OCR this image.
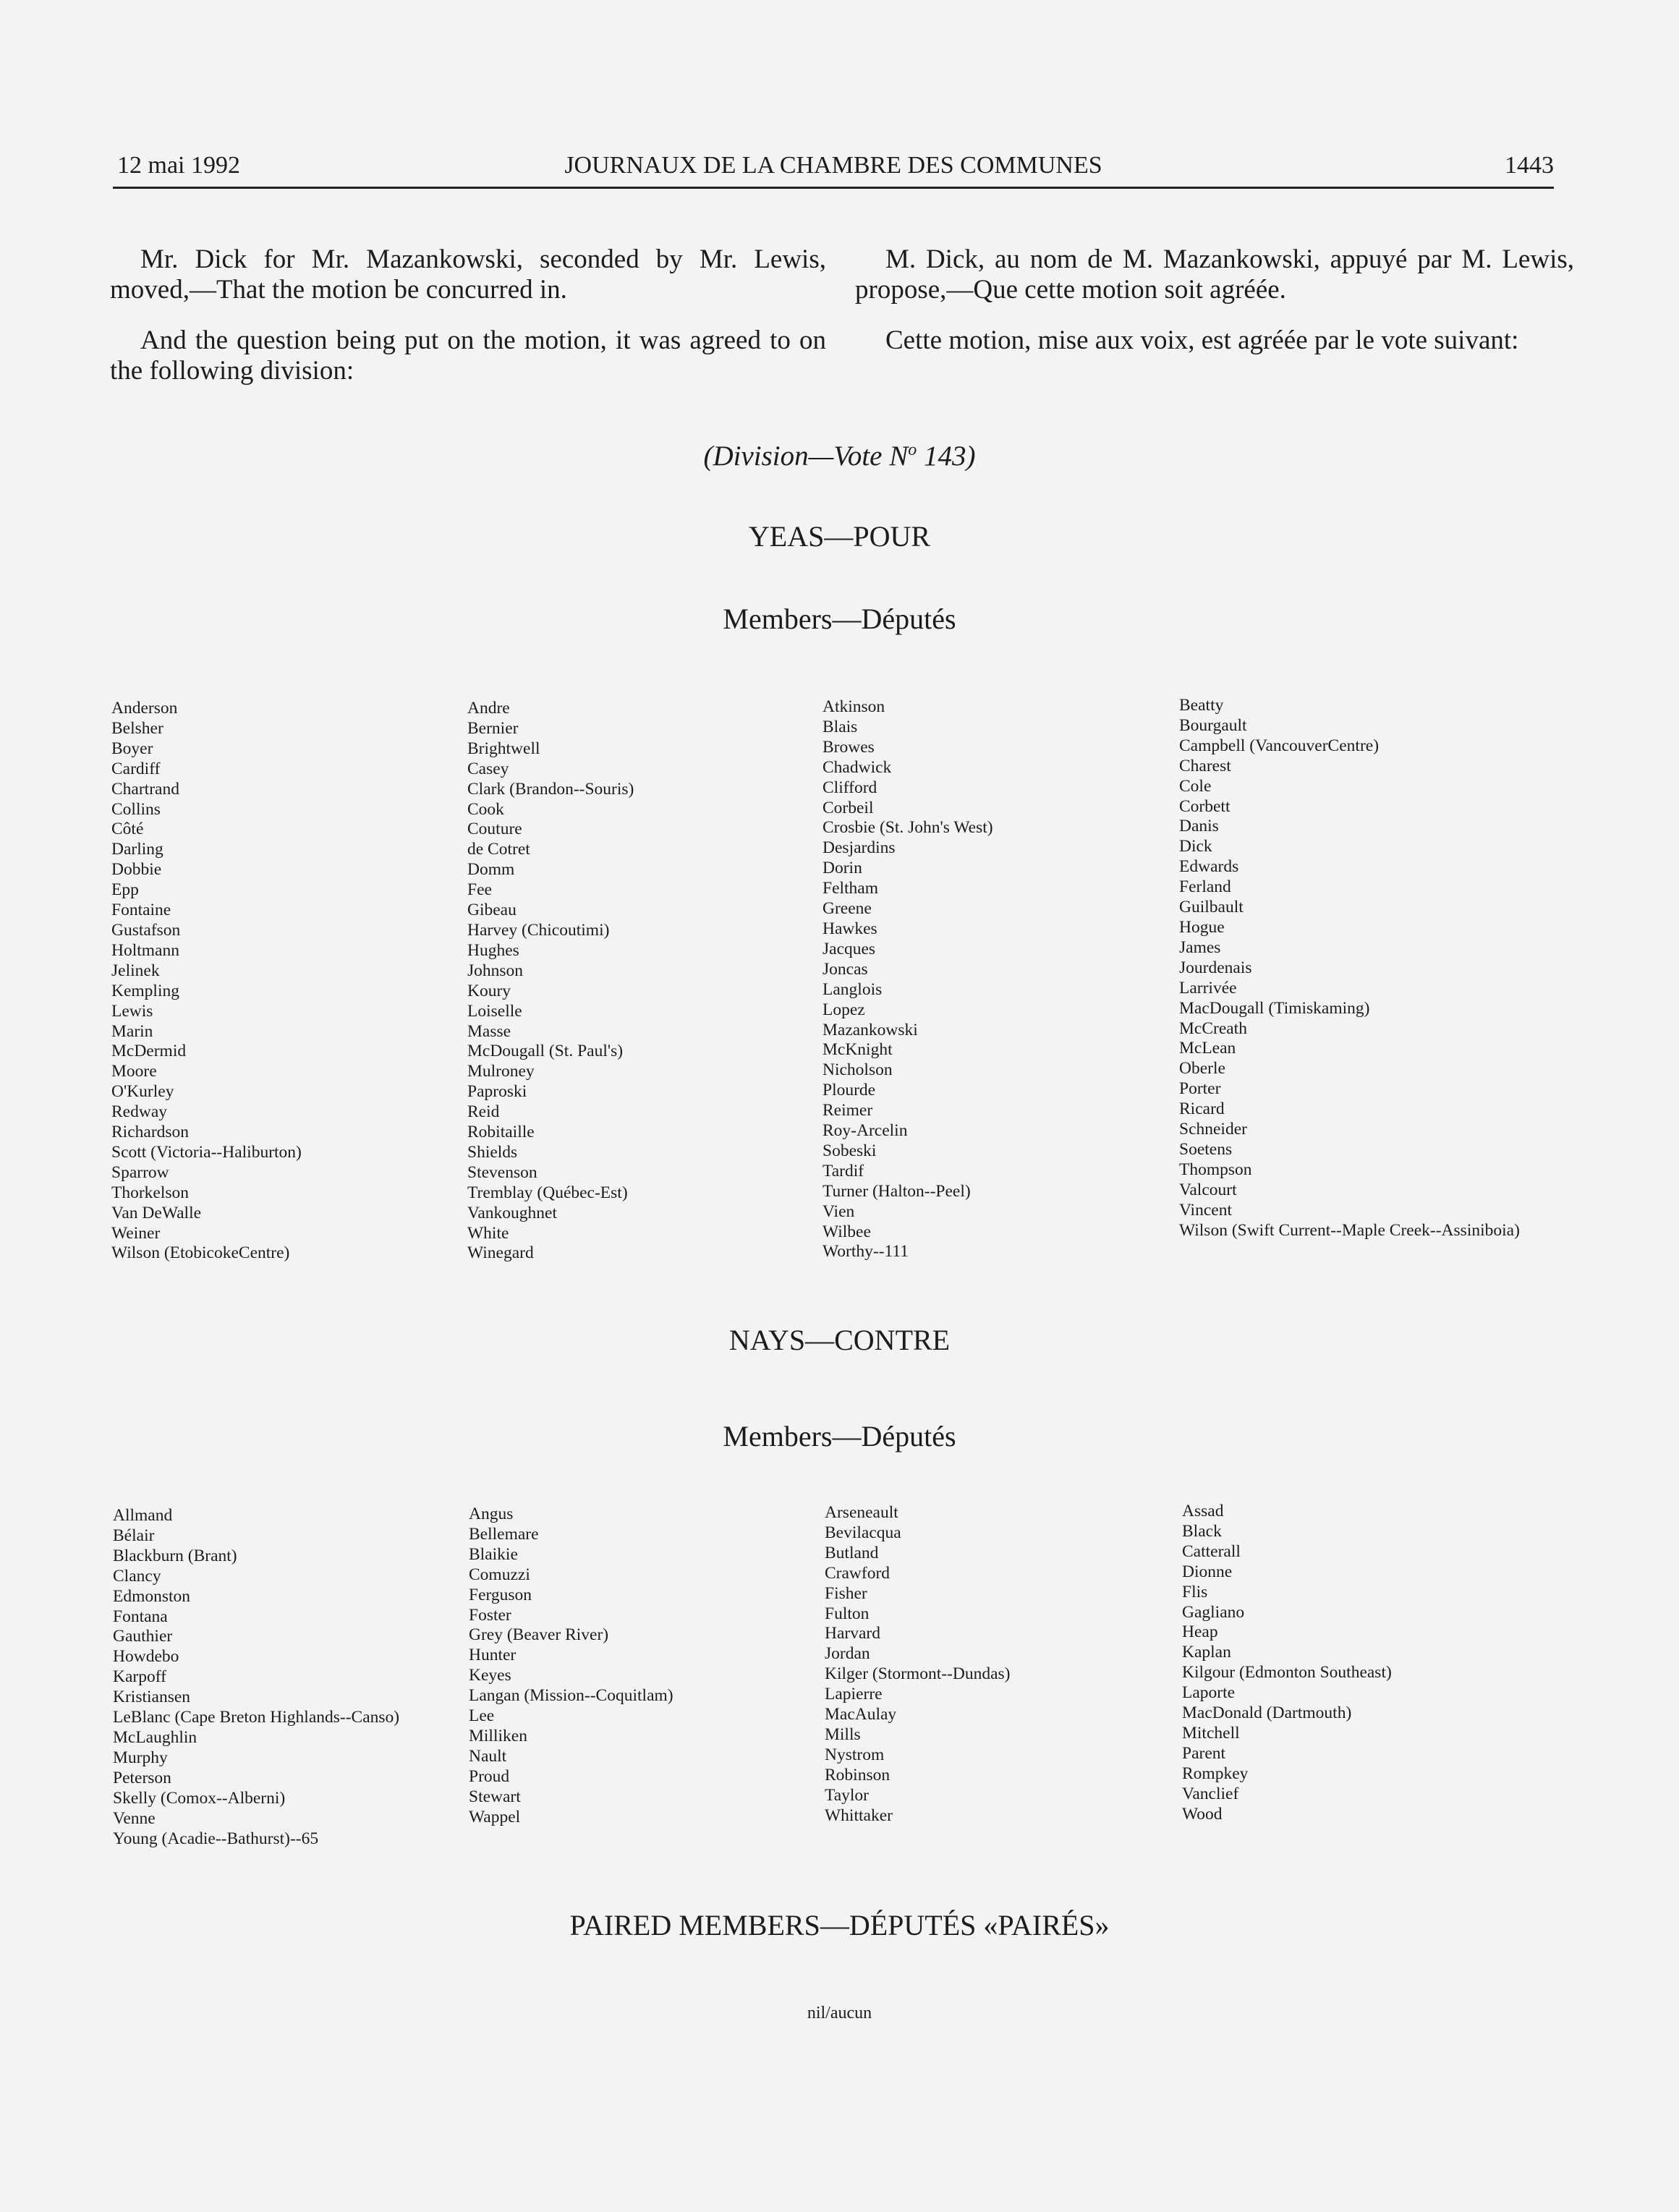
12 mai 1992	JOURNAUX DE LA CHAMBRE DES COMMUNES	1443

Mr. Dick for Mr. Mazankowski, seconded by Mr. Lewis, moved,—That the motion be concurred in.

M. Dick, au nom de M. Mazankowski, appuyé par M. Lewis, propose,—Que cette motion soit agréée.

And the question being put on the motion, it was agreed to on the following division:

Cette motion, mise aux voix, est agréée par le vote suivant:

(Division—Vote $N^o$ 143)
YEAS—POUR
Members—Députés
Anderson
Belsher
Boyer
Cardiff
Chartrand
Collins
Côté
Darling
Dobbie
Epp
Fontaine
Gustafson
Holtmann
Jelinek
Kempling
Lewis
Marin
McDermid
Moore
O'Kurley
Redway
Richardson
Scott (Victoria--Haliburton)
Sparrow
Thorkelson
Van DeWalle
Weiner
Wilson (EtobicokeCentre)
Andre
Bernier
Brightwell
Casey
Clark (Brandon--Souris)
Cook
Couture
de Cotret
Domm
Fee
Gibeau
Harvey (Chicoutimi)
Hughes
Johnson
Koury
Loiselle
Masse
McDougall (St. Paul's)
Mulroney
Paproski
Reid
Robitaille
Shields
Stevenson
Tremblay (Québec-Est)
Vankoughnet
White
Winegard
Atkinson
Blais
Browes
Chadwick
Clifford
Corbeil
Crosbie (St. John's West)
Desjardins
Dorin
Feltham
Greene
Hawkes
Jacques
Joncas
Langlois
Lopez
Mazankowski
McKnight
Nicholson
Plourde
Reimer
Roy-Arcelin
Sobeski
Tardif
Turner (Halton--Peel)
Vien
Wilbee
Worthy--111
Beatty
Bourgault
Campbell (VancouverCentre)
Charest
Cole
Corbett
Danis
Dick
Edwards
Ferland
Guilbault
Hogue
James
Jourdenais
Larrivée
MacDougall (Timiskaming)
McCreath
McLean
Oberle
Porter
Ricard
Schneider
Soetens
Thompson
Valcourt
Vincent
Wilson (Swift Current--Maple Creek--Assiniboia)
NAYS—CONTRE
Members—Députés
Allmand
Bélair
Blackburn (Brant)
Clancy
Edmonston
Fontana
Gauthier
Howdebo
Karpoff
Kristiansen
LeBlanc (Cape Breton Highlands--Canso)
McLaughlin
Murphy
Peterson
Skelly (Comox--Alberni)
Venne
Young (Acadie--Bathurst)--65
Angus
Bellemare
Blaikie
Comuzzi
Ferguson
Foster
Grey (Beaver River)
Hunter
Keyes
Langan (Mission--Coquitlam)
Lee
Milliken
Nault
Proud
Stewart
Wappel
Arseneault
Bevilacqua
Butland
Crawford
Fisher
Fulton
Harvard
Jordan
Kilger (Stormont--Dundas)
Lapierre
MacAulay
Mills
Nystrom
Robinson
Taylor
Whittaker
Assad
Black
Catterall
Dionne
Flis
Gagliano
Heap
Kaplan
Kilgour (Edmonton Southeast)
Laporte
MacDonald (Dartmouth)
Mitchell
Parent
Rompkey
Vanclief
Wood
PAIRED MEMBERS—DÉPUTÉS «PAIRÉS»
nil/aucun
